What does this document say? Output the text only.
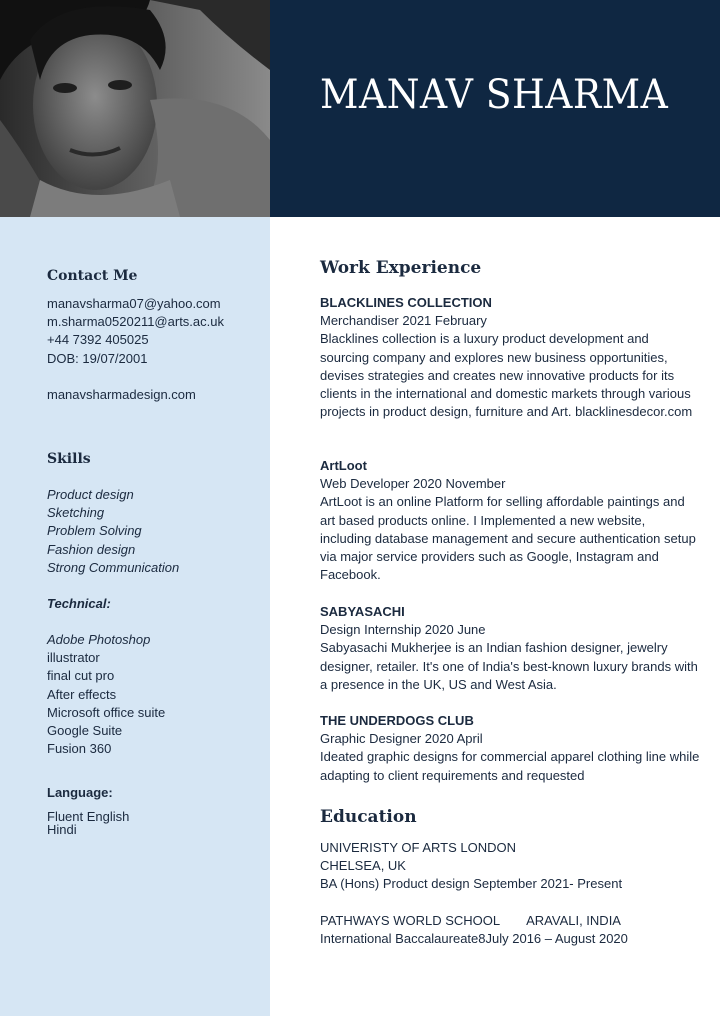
MANAV SHARMA
Contact Me
manavsharma07@yahoo.com
m.sharma0520211@arts.ac.uk
+44 7392 405025
DOB: 19/07/2001
manavsharmadesign.com
Skills
Product design
Sketching
Problem Solving
Fashion design
Strong Communication
Technical:
Adobe Photoshop
illustrator
final cut pro
After effects
Microsoft office suite
Google Suite
Fusion 360
Language:
Fluent English
Hindi
Work Experience
BLACKLINES COLLECTION
Merchandiser 2021 February
Blacklines collection is a luxury product development and sourcing company and explores new business opportunities, devises strategies and creates new innovative products for its clients in the international and domestic markets through various projects in product design, furniture and Art. blacklinesdecor.com
ArtLoot
Web Developer 2020 November
ArtLoot is an online Platform for selling affordable paintings and art based products online. I Implemented a new website, including database management and secure authentication setup via major service providers such as Google, Instagram and Facebook.
SABYASACHI
Design Internship 2020 June
Sabyasachi Mukherjee is an Indian fashion designer, jewelry designer, retailer. It's one of India's best-known luxury brands with a presence in the UK, US and West Asia.
THE UNDERDOGS CLUB
Graphic Designer 2020 April
Ideated graphic designs for commercial apparel clothing line while adapting to client requirements and requested
Education
UNIVERISTY OF ARTS LONDON
CHELSEA, UK
BA (Hons) Product design September 2021- Present
PATHWAYS WORLD SCHOOL ARAVALI, INDIA
International Baccalaureate8July 2016 – August 2020
